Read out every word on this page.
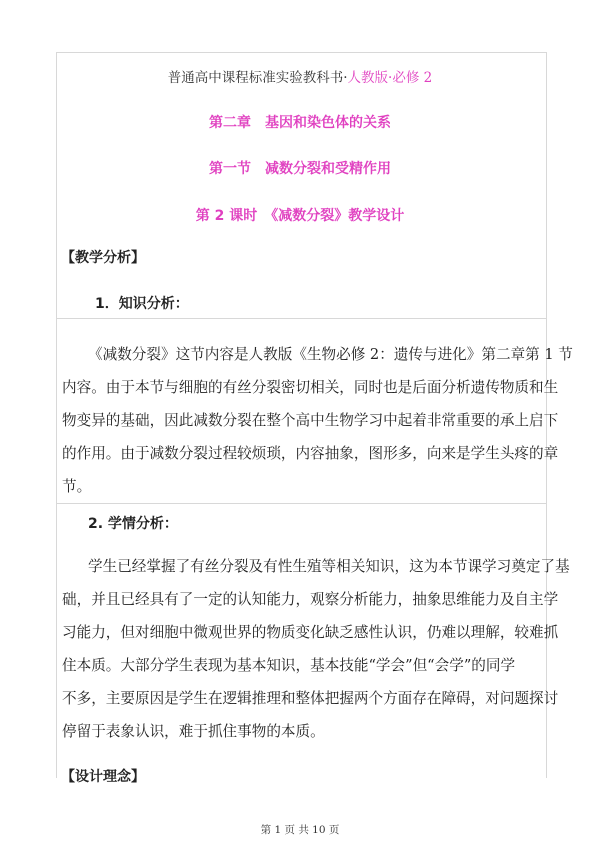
普通高中课程标准实验教科书·人教版·必修 2
第二章　基因和染色体的关系
第一节　减数分裂和受精作用
第 2 课时　《减数分裂》教学设计
【教学分析】
1．知识分析：
《减数分裂》这节内容是人教版《生物必修 2：遗传与进化》第二章第 1 节
内容。由于本节与细胞的有丝分裂密切相关，同时也是后面分析遗传物质和生
物变异的基础，因此减数分裂在整个高中生物学习中起着非常重要的承上启下
的作用。由于减数分裂过程较烦琐，内容抽象，图形多，向来是学生头疼的章
节。
2. 学情分析：
学生已经掌握了有丝分裂及有性生殖等相关知识，这为本节课学习奠定了基
础，并且已经具有了一定的认知能力，观察分析能力，抽象思维能力及自主学
习能力，但对细胞中微观世界的物质变化缺乏感性认识，仍难以理解，较难抓
住本质。大部分学生表现为基本知识，基本技能“学会”但“会学”的同学
不多，主要原因是学生在逻辑推理和整体把握两个方面存在障碍，对问题探讨
停留于表象认识，难于抓住事物的本质。
【设计理念】
第 1 页 共 10 页
